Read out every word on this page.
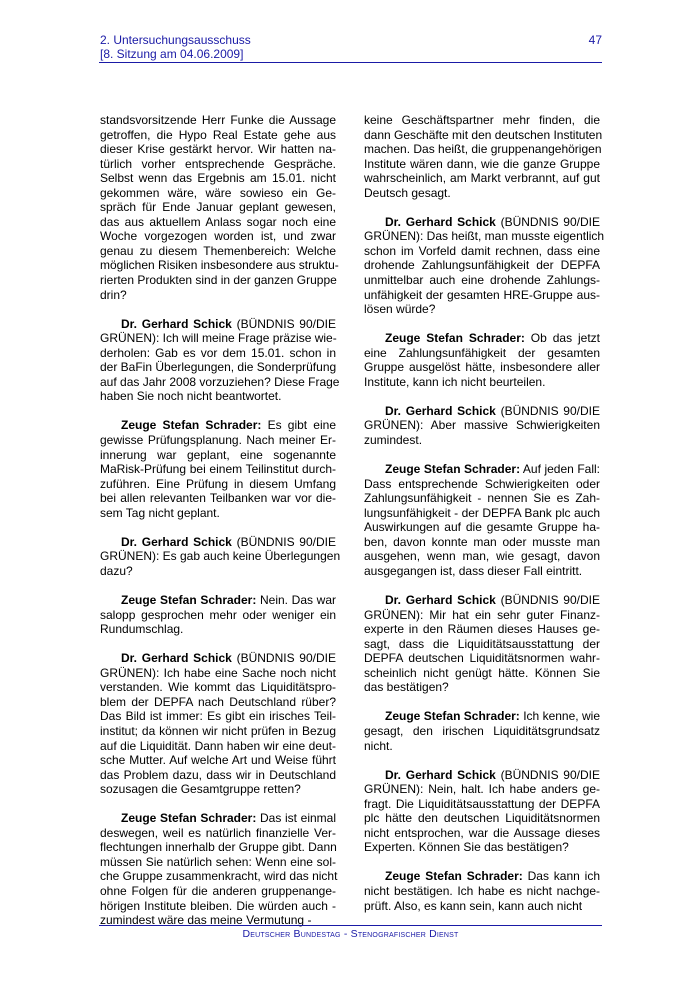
2. Untersuchungsausschuss
[8. Sitzung am 04.06.2009]
47
standsvorsitzende Herr Funke die Aussage
getroffen, die Hypo Real Estate gehe aus
dieser Krise gestärkt hervor. Wir hatten na-
türlich vorher entsprechende Gespräche.
Selbst wenn das Ergebnis am 15.01. nicht
gekommen wäre, wäre sowieso ein Ge-
spräch für Ende Januar geplant gewesen,
das aus aktuellem Anlass sogar noch eine
Woche vorgezogen worden ist, und zwar
genau zu diesem Themenbereich: Welche
möglichen Risiken insbesondere aus struktu-
rierten Produkten sind in der ganzen Gruppe
drin?
Dr. Gerhard Schick (BÜNDNIS 90/DIE
GRÜNEN): Ich will meine Frage präzise wie-
derholen: Gab es vor dem 15.01. schon in
der BaFin Überlegungen, die Sonderprüfung
auf das Jahr 2008 vorzuziehen? Diese Frage
haben Sie noch nicht beantwortet.
Zeuge Stefan Schrader: Es gibt eine
gewisse Prüfungsplanung. Nach meiner Er-
innerung war geplant, eine sogenannte
MaRisk-Prüfung bei einem Teilinstitut durch-
zuführen. Eine Prüfung in diesem Umfang
bei allen relevanten Teilbanken war vor die-
sem Tag nicht geplant.
Dr. Gerhard Schick (BÜNDNIS 90/DIE
GRÜNEN): Es gab auch keine Überlegungen
dazu?
Zeuge Stefan Schrader: Nein. Das war
salopp gesprochen mehr oder weniger ein
Rundumschlag.
Dr. Gerhard Schick (BÜNDNIS 90/DIE
GRÜNEN): Ich habe eine Sache noch nicht
verstanden. Wie kommt das Liquiditätspro-
blem der DEPFA nach Deutschland rüber?
Das Bild ist immer: Es gibt ein irisches Teil-
institut; da können wir nicht prüfen in Bezug
auf die Liquidität. Dann haben wir eine deut-
sche Mutter. Auf welche Art und Weise führt
das Problem dazu, dass wir in Deutschland
sozusagen die Gesamtgruppe retten?
Zeuge Stefan Schrader: Das ist einmal
deswegen, weil es natürlich finanzielle Ver-
flechtungen innerhalb der Gruppe gibt. Dann
müssen Sie natürlich sehen: Wenn eine sol-
che Gruppe zusammenkracht, wird das nicht
ohne Folgen für die anderen gruppenange-
hörigen Institute bleiben. Die würden auch -
zumindest wäre das meine Vermutung -
keine Geschäftspartner mehr finden, die
dann Geschäfte mit den deutschen Instituten
machen. Das heißt, die gruppenangehörigen
Institute wären dann, wie die ganze Gruppe
wahrscheinlich, am Markt verbrannt, auf gut
Deutsch gesagt.
Dr. Gerhard Schick (BÜNDNIS 90/DIE
GRÜNEN): Das heißt, man musste eigentlich
schon im Vorfeld damit rechnen, dass eine
drohende Zahlungsunfähigkeit der DEPFA
unmittelbar auch eine drohende Zahlungs-
unfähigkeit der gesamten HRE-Gruppe aus-
lösen würde?
Zeuge Stefan Schrader: Ob das jetzt
eine Zahlungsunfähigkeit der gesamten
Gruppe ausgelöst hätte, insbesondere aller
Institute, kann ich nicht beurteilen.
Dr. Gerhard Schick (BÜNDNIS 90/DIE
GRÜNEN): Aber massive Schwierigkeiten
zumindest.
Zeuge Stefan Schrader: Auf jeden Fall:
Dass entsprechende Schwierigkeiten oder
Zahlungsunfähigkeit - nennen Sie es Zah-
lungsunfähigkeit - der DEPFA Bank plc auch
Auswirkungen auf die gesamte Gruppe ha-
ben, davon konnte man oder musste man
ausgehen, wenn man, wie gesagt, davon
ausgegangen ist, dass dieser Fall eintritt.
Dr. Gerhard Schick (BÜNDNIS 90/DIE
GRÜNEN): Mir hat ein sehr guter Finanz-
experte in den Räumen dieses Hauses ge-
sagt, dass die Liquiditätsausstattung der
DEPFA deutschen Liquiditätsnormen wahr-
scheinlich nicht genügt hätte. Können Sie
das bestätigen?
Zeuge Stefan Schrader: Ich kenne, wie
gesagt, den irischen Liquiditätsgrundsatz
nicht.
Dr. Gerhard Schick (BÜNDNIS 90/DIE
GRÜNEN): Nein, halt. Ich habe anders ge-
fragt. Die Liquiditätsausstattung der DEPFA
plc hätte den deutschen Liquiditätsnormen
nicht entsprochen, war die Aussage dieses
Experten. Können Sie das bestätigen?
Zeuge Stefan Schrader: Das kann ich
nicht bestätigen. Ich habe es nicht nachge-
prüft. Also, es kann sein, kann auch nicht
Deutscher Bundestag - Stenografischer Dienst
